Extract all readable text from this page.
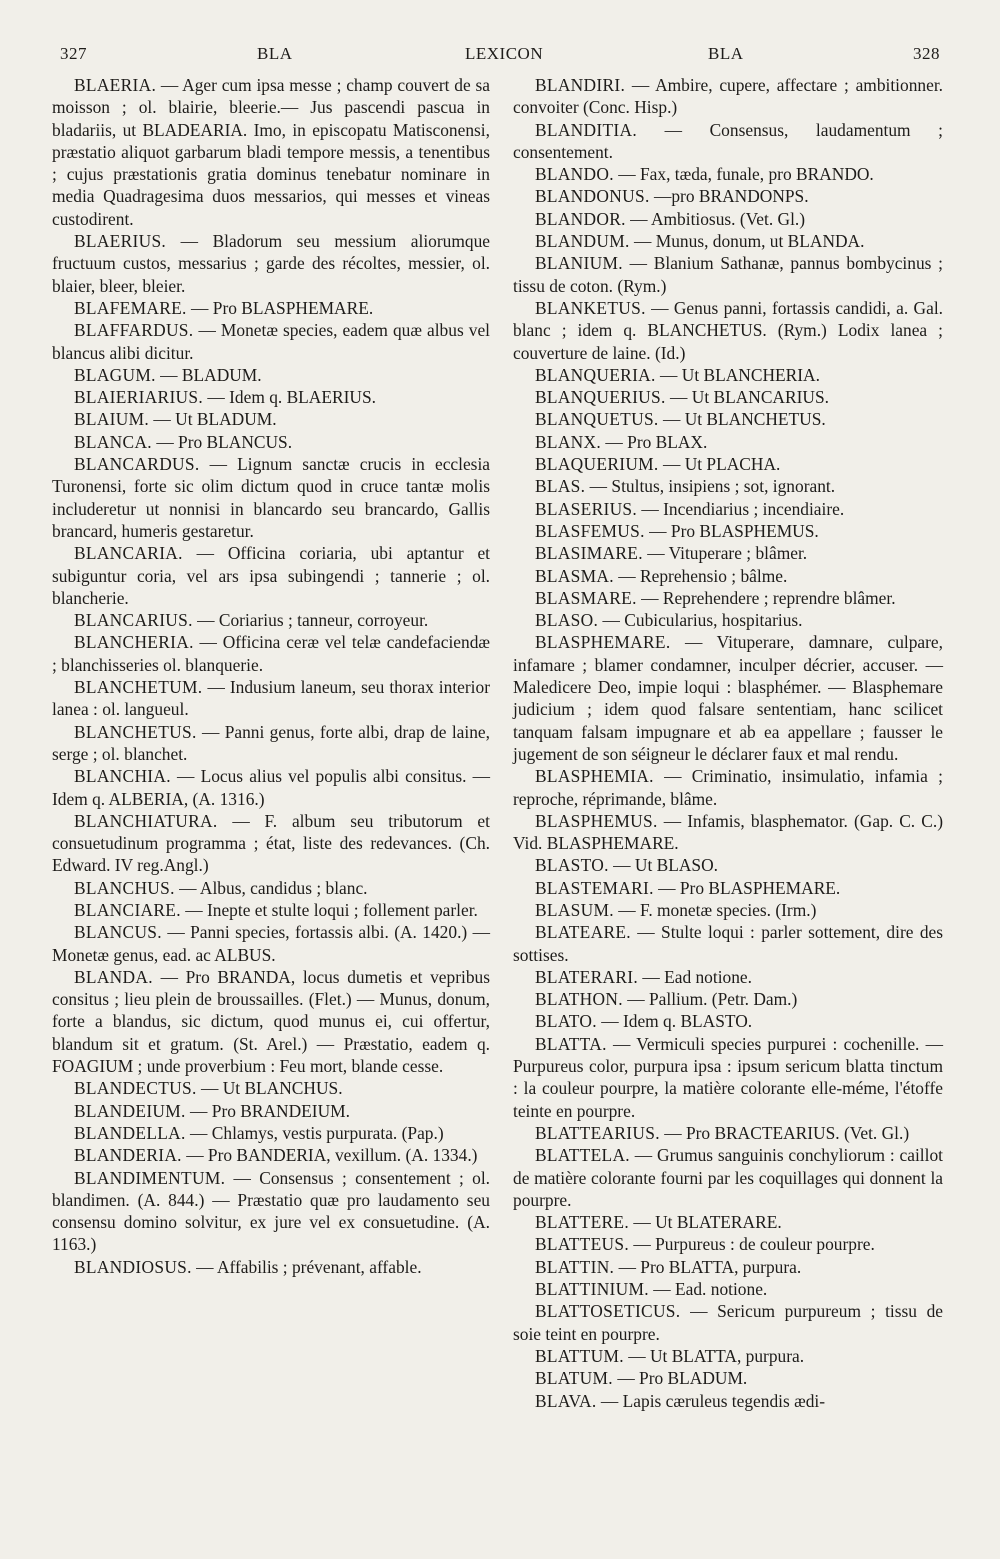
327	BLA	LEXICON	BLA	328

BLAERIA. — Ager cum ipsa messe ; champ couvert de sa moisson ; ol. blairie, bleerie.— Jus pascendi pascua in bladariis, ut BLADEARIA. Imo, in episcopatu Matisconensi, præstatio aliquot garbarum bladi tempore messis, a tenentibus ; cujus præstationis gratia dominus tenebatur nominare in media Quadragesima duos messarios, qui messes et vineas custodirent.

BLAERIUS. — Bladorum seu messium aliorumque fructuum custos, messarius ; garde des récoltes, messier, ol. blaier, bleer, bleier.

BLAFEMARE. — Pro BLASPHEMARE.

BLAFFARDUS. — Monetæ species, eadem quæ albus vel blancus alibi dicitur.

BLAGUM. — BLADUM.

BLAIERIARIUS. — Idem q. BLAERIUS.

BLAIUM. — Ut BLADUM.

BLANCA. — Pro BLANCUS.

BLANCARDUS. — Lignum sanctæ crucis in ecclesia Turonensi, forte sic olim dictum quod in cruce tantæ molis includeretur ut nonnisi in blancardo seu brancardo, Gallis brancard, humeris gestaretur.

BLANCARIA. — Officina coriaria, ubi aptantur et subiguntur coria, vel ars ipsa subingendi ; tannerie ; ol. blancherie.

BLANCARIUS. — Coriarius ; tanneur, corroyeur.

BLANCHERIA. — Officina ceræ vel telæ candefaciendæ ; blanchisseries ol. blanquerie.

BLANCHETUM. — Indusium laneum, seu thorax interior lanea : ol. langueul.

BLANCHETUS. — Panni genus, forte albi, drap de laine, serge ; ol. blanchet.

BLANCHIA. — Locus alius vel populis albi consitus. — Idem q. ALBERIA, (A. 1316.)

BLANCHIATURA. — F. album seu tributorum et consuetudinum programma ; état, liste des redevances. (Ch. Edward. IV reg.Angl.)

BLANCHUS. — Albus, candidus ; blanc.

BLANCIARE. — Inepte et stulte loqui ; follement parler.

BLANCUS. — Panni species, fortassis albi. (A. 1420.) — Monetæ genus, ead. ac ALBUS.

BLANDA. — Pro BRANDA, locus dumetis et vepribus consitus ; lieu plein de broussailles. (Flet.) — Munus, donum, forte a blandus, sic dictum, quod munus ei, cui offertur, blandum sit et gratum. (St. Arel.) — Præstatio, eadem q. FOAGIUM ; unde proverbium : Feu mort, blande cesse.

BLANDECTUS. — Ut BLANCHUS.

BLANDEIUM. — Pro BRANDEIUM.

BLANDELLA. — Chlamys, vestis purpurata. (Pap.)

BLANDERIA. — Pro BANDERIA, vexillum. (A. 1334.)

BLANDIMENTUM. — Consensus ; consentement ; ol. blandimen. (A. 844.) — Præstatio quæ pro laudamento seu consensu domino solvitur, ex jure vel ex consuetudine. (A. 1163.)

BLANDIOSUS. — Affabilis ; prévenant, affable.

BLANDIRI. — Ambire, cupere, affectare ; ambitionner. convoiter (Conc. Hisp.)

BLANDITIA. — Consensus, laudamentum ; consentement.

BLANDO. — Fax, tæda, funale, pro BRANDO.

BLANDONUS. —pro BRANDONPS.

BLANDOR. — Ambitiosus. (Vet. Gl.)

BLANDUM. — Munus, donum, ut BLANDA.

BLANIUM. — Blanium Sathanæ, pannus bombycinus ; tissu de coton. (Rym.)

BLANKETUS. — Genus panni, fortassis candidi, a. Gal. blanc ; idem q. BLANCHETUS. (Rym.) Lodix lanea ; couverture de laine. (Id.)

BLANQUERIA. — Ut BLANCHERIA.

BLANQUERIUS. — Ut BLANCARIUS.

BLANQUETUS. — Ut BLANCHETUS.

BLANX. — Pro BLAX.

BLAQUERIUM. — Ut PLACHA.

BLAS. — Stultus, insipiens ; sot, ignorant.

BLASERIUS. — Incendiarius ; incendiaire.

BLASFEMUS. — Pro BLASPHEMUS.

BLASIMARE. — Vituperare ; blâmer.

BLASMA. — Reprehensio ; bâlme.

BLASMARE. — Reprehendere ; reprendre blâmer.

BLASO. — Cubicularius, hospitarius.

BLASPHEMARE. — Vituperare, damnare, culpare, infamare ; blamer condamner, inculper décrier, accuser. — Maledicere Deo, impie loqui : blasphémer. — Blasphemare judicium ; idem quod falsare sententiam, hanc scilicet tanquam falsam impugnare et ab ea appellare ; fausser le jugement de son séigneur le déclarer faux et mal rendu.

BLASPHEMIA. — Criminatio, insimulatio, infamia ; reproche, réprimande, blâme.

BLASPHEMUS. — Infamis, blasphemator. (Gap. C. C.) Vid. BLASPHEMARE.

BLASTO. — Ut BLASO.

BLASTEMARI. — Pro BLASPHEMARE.

BLASUM. — F. monetæ species. (Irm.)

BLATEARE. — Stulte loqui : parler sottement, dire des sottises.

BLATERARI. — Ead notione.

BLATHON. — Pallium. (Petr. Dam.)

BLATO. — Idem q. BLASTO.

BLATTA. — Vermiculi species purpurei : cochenille. — Purpureus color, purpura ipsa : ipsum sericum blatta tinctum : la couleur pourpre, la matière colorante elle-méme, l'étoffe teinte en pourpre.

BLATTEARIUS. — Pro BRACTEARIUS. (Vet. Gl.)

BLATTELA. — Grumus sanguinis conchyliorum : caillot de matière colorante fourni par les coquillages qui donnent la pourpre.

BLATTERE. — Ut BLATERARE.

BLATTEUS. — Purpureus : de couleur pourpre.

BLATTIN. — Pro BLATTA, purpura.

BLATTINIUM. — Ead. notione.

BLATTOSETICUS. — Sericum purpureum ; tissu de soie teint en pourpre.

BLATTUM. — Ut BLATTA, purpura.

BLATUM. — Pro BLADUM.

BLAVA. — Lapis cæruleus tegendis ædi-
